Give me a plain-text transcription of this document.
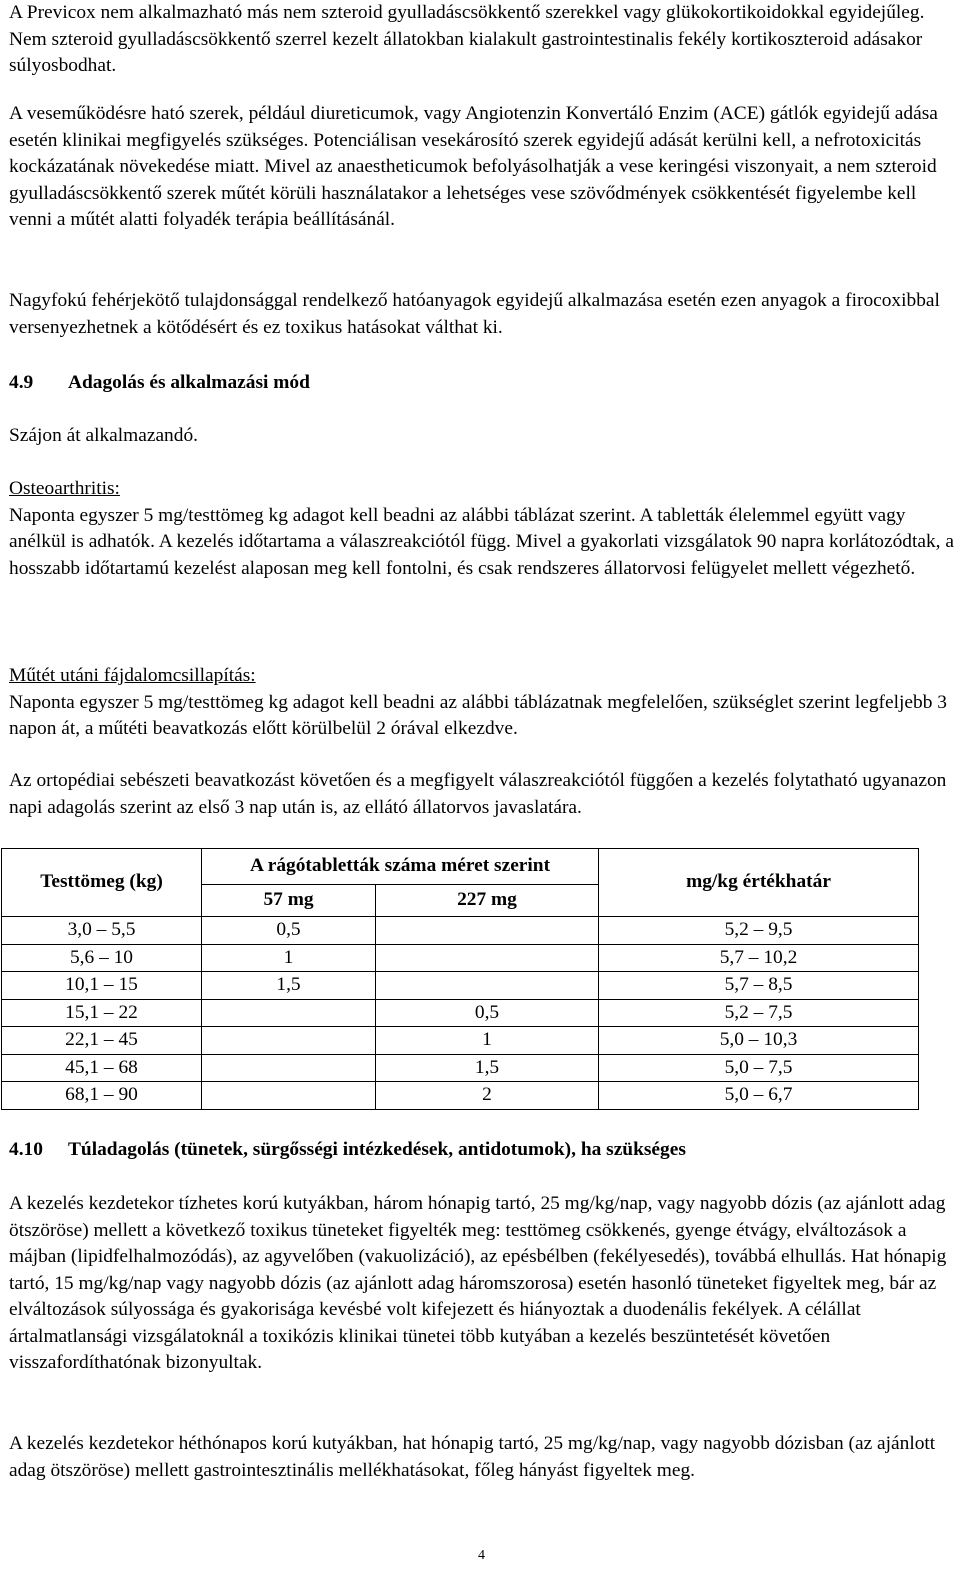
A Previcox nem alkalmazható más nem szteroid gyulladáscsökkentő szerekkel vagy glükokortikoidokkal egyidejűleg. Nem szteroid gyulladáscsökkentő szerrel kezelt állatokban kialakult gastrointestinalis fekély kortikoszteroid adásakor súlyosbodhat.

A veseműködésre ható szerek, például diureticumok, vagy Angiotenzin Konvertáló Enzim (ACE) gátlók egyidejű adása esetén klinikai megfigyelés szükséges. Potenciálisan vesekárosító szerek egyidejű adását kerülni kell, a nefrotoxicitás kockázatának növekedése miatt. Mivel az anaestheticumok befolyásolhatják a vese keringési viszonyait, a nem szteroid gyulladáscsökkentő szerek műtét körüli használatakor a lehetséges vese szövődmények csökkentését figyelembe kell venni a műtét alatti folyadék terápia beállításánál.

Nagyfokú fehérjekötő tulajdonsággal rendelkező hatóanyagok egyidejű alkalmazása esetén ezen anyagok a firocoxibbal versenyezhetnek a kötődésért és ez toxikus hatásokat válthat ki.

4.9 Adagolás és alkalmazási mód

Szájon át alkalmazandó.

Osteoarthritis:
Naponta egyszer 5 mg/testtömeg kg adagot kell beadni az alábbi táblázat szerint. A tabletták élelemmel együtt vagy anélkül is adhatók. A kezelés időtartama a válaszreakciótól függ. Mivel a gyakorlati vizsgálatok 90 napra korlátozódtak, a hosszabb időtartamú kezelést alaposan meg kell fontolni, és csak rendszeres állatorvosi felügyelet mellett végezhető.
Műtét utáni fájdalomcsillapítás:
Naponta egyszer 5 mg/testtömeg kg adagot kell beadni az alábbi táblázatnak megfelelően, szükséglet szerint legfeljebb 3 napon át, a műtéti beavatkozás előtt körülbelül 2 órával elkezdve.

Az ortopédiai sebészeti beavatkozást követően és a megfigyelt válaszreakciótól függően a kezelés folytatható ugyanazon napi adagolás szerint az első 3 nap után is, az ellátó állatorvos javaslatára.

Testtömeg (kg)	A rágótabletták száma méret szerint		mg/kg értékhatár
	57 mg	227 mg	
3,0 – 5,5	0,5		5,2 – 9,5
5,6 – 10	1		5,7 – 10,2
10,1 – 15	1,5		5,7 – 8,5
15,1 – 22		0,5	5,2 – 7,5
22,1 – 45		1	5,0 – 10,3
45,1 – 68		1,5	5,0 – 7,5
68,1 – 90		2	5,0 – 6,7
4.10 Túladagolás (tünetek, sürgősségi intézkedések, antidotumok), ha szükséges

A kezelés kezdetekor tízhetes korú kutyákban, három hónapig tartó, 25 mg/kg/nap, vagy nagyobb dózis (az ajánlott adag ötszöröse) mellett a következő toxikus tüneteket figyelték meg: testtömeg csökkenés, gyenge étvágy, elváltozások a májban (lipidfelhalmozódás), az agyvelőben (vakuolizáció), az epésbélben (fekélyesedés), továbbá elhullás. Hat hónapig tartó, 15 mg/kg/nap vagy nagyobb dózis (az ajánlott adag háromszorosa) esetén hasonló tüneteket figyeltek meg, bár az elváltozások súlyossága és gyakorisága kevésbé volt kifejezett és hiányoztak a duodenális fekélyek. A célállat ártalmatlansági vizsgálatoknál a toxikózis klinikai tünetei több kutyában a kezelés beszüntetését követően visszafordíthatónak bizonyultak.

A kezelés kezdetekor héthónapos korú kutyákban, hat hónapig tartó, 25 mg/kg/nap, vagy nagyobb dózisban (az ajánlott adag ötszöröse) mellett gastrointesztinális mellékhatásokat, főleg hányást figyeltek meg.

4
